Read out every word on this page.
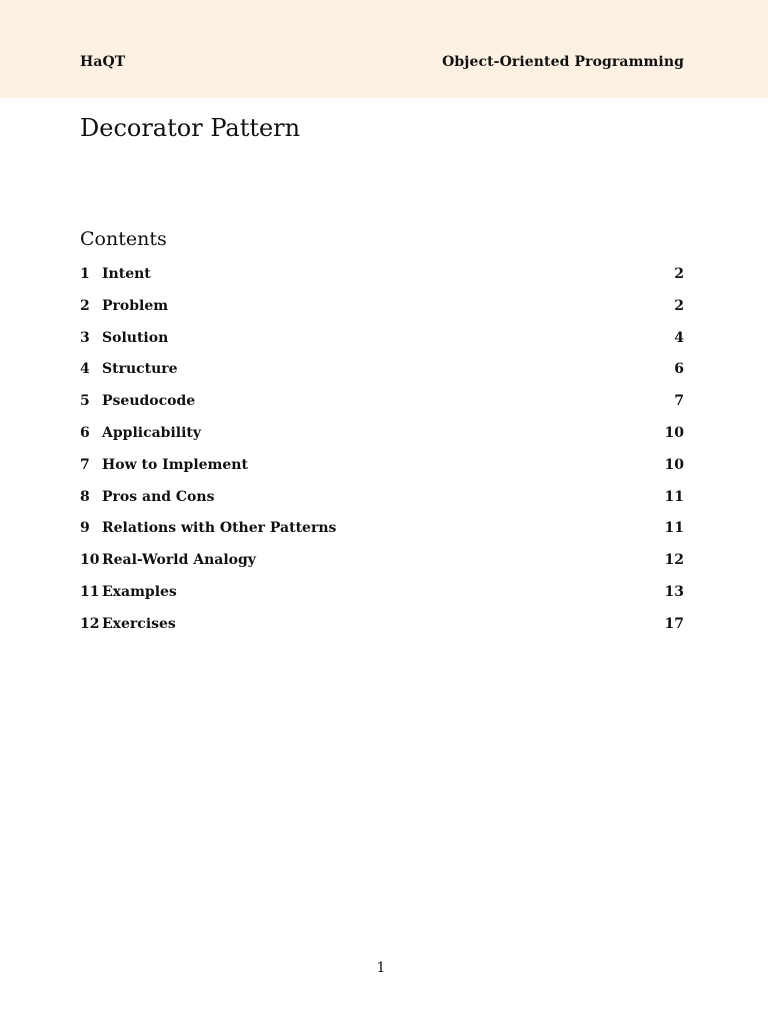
HaQT	Object-Oriented Programming
Decorator Pattern
Contents
1 Intent	2
2 Problem	2
3 Solution	4
4 Structure	6
5 Pseudocode	7
6 Applicability	10
7 How to Implement	10
8 Pros and Cons	11
9 Relations with Other Patterns	11
10 Real-World Analogy	12
11 Examples	13
12 Exercises	17
1
